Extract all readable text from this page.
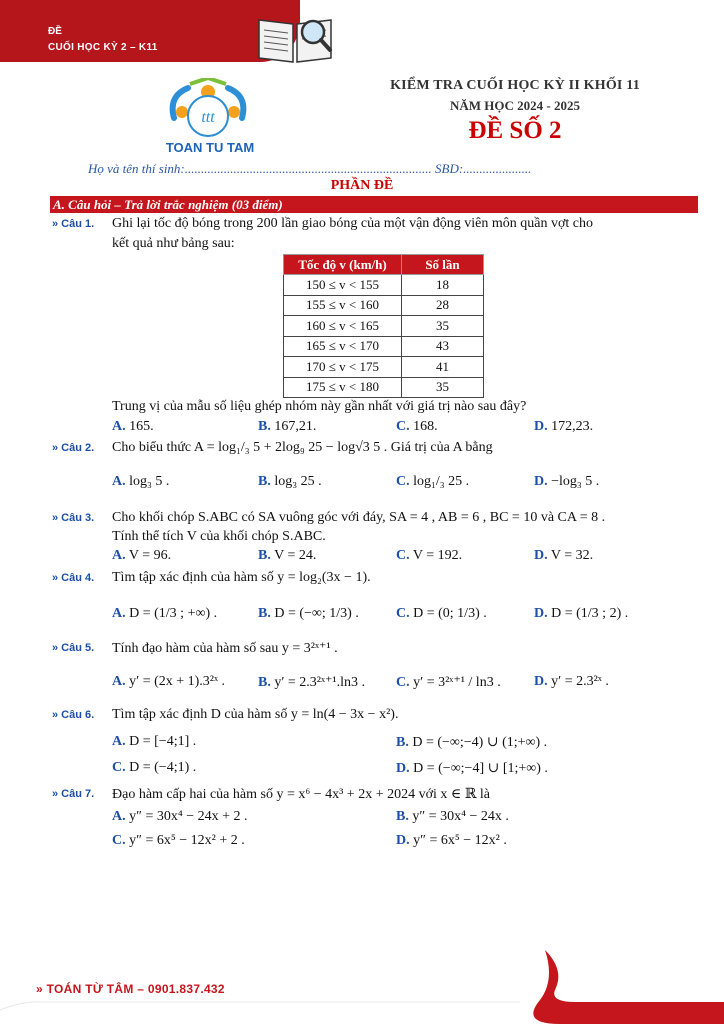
ĐỀ
CUỐI HỌC KỲ 2 – K11
ttt
TOAN TU TAM
KIỂM TRA CUỐI HỌC KỲ II KHỐI 11
NĂM HỌC 2024 - 2025
ĐỀ SỐ 2
Họ và tên thí sinh:............................................................................ SBD:.....................
PHẦN ĐỀ
A. Câu hỏi – Trả lời trắc nghiệm (03 điểm)
» Câu 1. Ghi lại tốc độ bóng trong 200 lần giao bóng của một vận động viên môn quần vợt cho
kết quả như bảng sau:
Tốc độ v (km/h)	Số lần
150 ≤ v < 155	18
155 ≤ v < 160	28
160 ≤ v < 165	35
165 ≤ v < 170	43
170 ≤ v < 175	41
175 ≤ v < 180	35
Trung vị của mẫu số liệu ghép nhóm này gần nhất với giá trị nào sau đây?
A. 165.	B. 167,21.	C. 168.	D. 172,23.
» Câu 2. Cho biểu thức A = log₁/₃ 5 + 2log₉ 25 − log√3 5 . Giá trị của A bằng
A. log₃ 5 .	B. log₃ 25 .	C. log₁/₃ 25 .	D. −log₃ 5 .
» Câu 3. Cho khối chóp S.ABC có SA vuông góc với đáy, SA = 4 , AB = 6 , BC = 10 và CA = 8 .
Tính thể tích V của khối chóp S.ABC.
A. V = 96.	B. V = 24.	C. V = 192.	D. V = 32.
» Câu 4. Tìm tập xác định của hàm số y = log₂(3x − 1).
A. D = (1/3 ; +∞) .	B. D = (−∞; 1/3) .	C. D = (0; 1/3) .	D. D = (1/3 ; 2) .
» Câu 5. Tính đạo hàm của hàm số sau y = 3²ˣ⁺¹ .
A. y′ = (2x + 1).3²ˣ . B. y′ = 2.3²ˣ⁺¹.ln3 . C. y′ = 3²ˣ⁺¹ / ln3 . D. y′ = 2.3²ˣ .
» Câu 6. Tìm tập xác định D của hàm số y = ln(4 − 3x − x²).
A. D = [−4;1] .	B. D = (−∞;−4) ∪ (1;+∞) .
C. D = (−4;1) .	D. D = (−∞;−4] ∪ [1;+∞) .
» Câu 7. Đạo hàm cấp hai của hàm số y = x⁶ − 4x³ + 2x + 2024 với x ∈ ℝ là
A. y″ = 30x⁴ − 24x + 2 .	B. y″ = 30x⁴ − 24x .
C. y″ = 6x⁵ − 12x² + 2 .	D. y″ = 6x⁵ − 12x² .
» TOÁN TỪ TÂM – 0901.837.432	Trang 4
